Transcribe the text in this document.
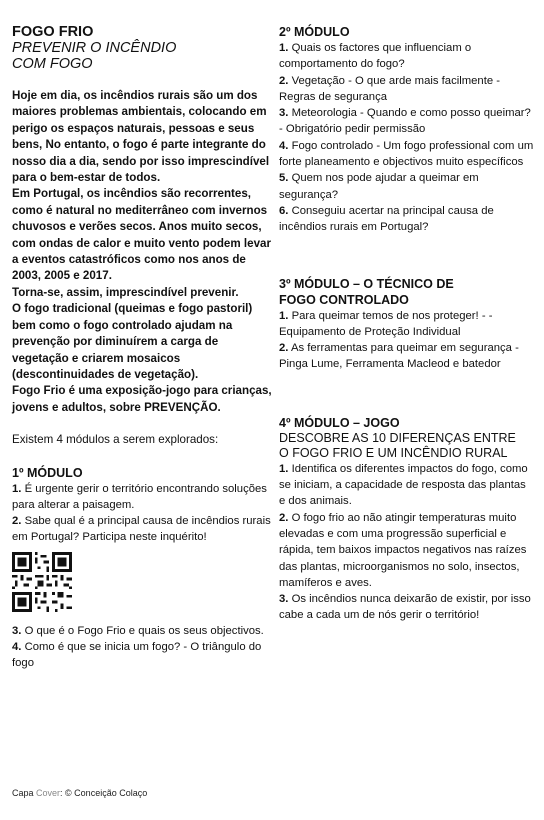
FOGO FRIO
PREVENIR O INCÊNDIO
COM FOGO

Hoje em dia, os incêndios rurais são um dos maiores problemas ambientais, colocando em perigo os espaços naturais, pessoas e seus bens, No entanto, o fogo é parte integrante do nosso dia a dia, sendo por isso imprescindível para o bem-estar de todos.

Em Portugal, os incêndios são recorrentes, como é natural no mediterrâneo com invernos chuvosos e verões secos. Anos muito secos, com ondas de calor e muito vento podem levar a eventos catastróficos como nos anos de 2003, 2005 e 2017.

Torna-se, assim, imprescindível prevenir.

O fogo tradicional (queimas e fogo pastoril) bem como o fogo controlado ajudam na prevenção por diminuírem a carga de vegetação e criarem mosaicos (descontinuidades de vegetação).

Fogo Frio é uma exposição-jogo para crianças, jovens e adultos, sobre PREVENÇÃO.

Existem 4 módulos a serem explorados:
1º MÓDULO
1. É urgente gerir o território encontrando soluções para alterar a paisagem.
2. Sabe qual é a principal causa de incêndios rurais em Portugal? Participa neste inquérito!
3. O que é o Fogo Frio e quais os seus objectivos.
4. Como é que se inicia um fogo? - O triângulo do fogo
2º MÓDULO
1. Quais os factores que influenciam o comportamento do fogo?
2. Vegetação - O que arde mais facilmente - Regras de segurança
3. Meteorologia - Quando e como posso queimar? - Obrigatório pedir permissão
4. Fogo controlado - Um fogo professional com um forte planeamento e objectivos muito específicos
5. Quem nos pode ajudar a queimar em segurança?
6. Conseguiu acertar na principal causa de incêndios rurais em Portugal?
3º MÓDULO – O TÉCNICO DE
FOGO CONTROLADO
1. Para queimar temos de nos proteger! - - Equipamento de Proteção Individual
2. As ferramentas para queimar em segurança - Pinga Lume, Ferramenta Macleod e batedor
4º MÓDULO – JOGO
DESCOBRE AS 10 DIFERENÇAS ENTRE
O FOGO FRIO E UM INCÊNDIO RURAL
1. Identifica os diferentes impactos do fogo, como se iniciam, a capacidade de resposta das plantas e dos animais.
2. O fogo frio ao não atingir temperaturas muito elevadas e com uma progressão superficial e rápida, tem baixos impactos negativos nas raízes das plantas, microorganismos no solo, insectos, mamíferos e aves.
3. Os incêndios nunca deixarão de existir, por isso cabe a cada um de nós gerir o território!
Capa Cover: © Conceição Colaço
